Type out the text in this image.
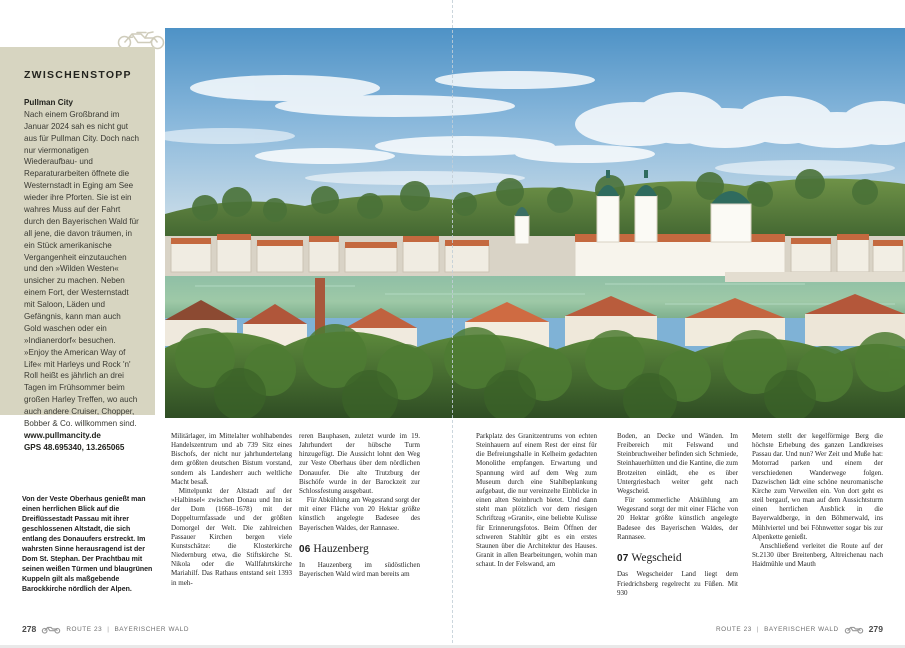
ZWISCHENSTOPP
Pullman City
Nach einem Großbrand im Januar 2024 sah es nicht gut aus für Pullman City. Doch nach nur viermonatigen Wiederaufbau- und Reparaturarbeiten öffnete die Westernstadt in Eging am See wieder ihre Pforten. Sie ist ein wahres Muss auf der Fahrt durch den Bayerischen Wald für all jene, die davon träumen, in ein Stück amerikanische Vergangenheit einzutauchen und den »Wilden Westen« unsicher zu machen. Neben einem Fort, der Westernstadt mit Saloon, Läden und Gefängnis, kann man auch Gold waschen oder ein »Indianerdorf« besuchen. »Enjoy the American Way of Life« mit Harleys und Rock 'n' Roll heißt es jährlich an drei Tagen im Frühsommer beim großen Harley Treffen, wo auch auch andere Cruiser, Chopper, Bobber & Co. willkommen sind.
www.pullmancity.de
GPS 48.695340, 13.265065

Von der Veste Oberhaus genießt man einen herrlichen Blick auf die Dreiflüssestadt Passau mit ihrer geschlossenen Altstadt, die sich entlang des Donauufers erstreckt. Im wahrsten Sinne herausragend ist der Dom St. Stephan. Der Prachtbau mit seinen weißen Türmen und blaugrünen Kuppeln gilt als maßgebende Barockkirche nördlich der Alpen.

Militärlager, im Mittelalter wohlhabendes Handelszentrum und ab 739 Sitz eines Bischofs, der nicht nur jahrhundertelang dem größten deutschen Bistum vorstand, sondern als Landesherr auch weltliche Macht besaß.

Mittelpunkt der Altstadt auf der »Halbinsel« zwischen Donau und Inn ist der Dom (1668–1678) mit der Doppelturmfassade und der größten Domorgel der Welt. Die zahlreichen Passauer Kirchen bergen viele Kunstschätze: die Klosterkirche Niedernburg etwa, die Stiftskirche St. Nikola oder die Wallfahrtskirche Mariahilf. Das Rathaus entstand seit 1393 in meh-

reren Bauphasen, zuletzt wurde im 19. Jahrhundert der hübsche Turm hinzugefügt. Die Aussicht lohnt den Weg zur Veste Oberhaus über dem nördlichen Donauufer. Die alte Trutzburg der Bischöfe wurde in der Barockzeit zur Schlossfestung ausgebaut.

Für Abkühlung am Wegesrand sorgt der mit einer Fläche von 20 Hektar größte künstlich angelegte Badesee des Bayerischen Waldes, der Rannasee.

06 Hauzenberg

In Hauzenberg im südöstlichen Bayerischen Wald wird man bereits am

Parkplatz des Granitzentrums von echten Steinhauern auf einem Rest der einst für die Befreiungshalle in Kelheim gedachten Monolithe empfangen. Erwartung und Spannung wird auf dem Weg zum Museum durch eine Stahlbeplankung aufgebaut, die nur vereinzelte Einblicke in einen alten Steinbruch bietet. Und dann steht man plötzlich vor dem riesigen Schriftzug »Granit«, eine beliebte Kulisse für Erinnerungsfotos. Beim Öffnen der schweren Stahltür gibt es ein erstes Staunen über die Architektur des Hauses. Granit in allen Bearbeitungen, wohin man schaut. In der Felswand, am

Boden, an Decke und Wänden. Im Freibereich mit Felswand und Steinbruchweiher befinden sich Schmiede, Steinhauerhütten und die Kantine, die zum Brotzeiten einlädt, ehe es über Untergriesbach weiter geht nach Wegscheid.

Für sommerliche Abkühlung am Wegesrand sorgt der mit einer Fläche von 20 Hektar größte künstlich angelegte Badesee des Bayerischen Waldes, der Rannasee.

07 Wegscheid

Das Wegscheider Land liegt dem Friedrichsberg regelrecht zu Füßen. Mit 930

Metern stellt der kegelförmige Berg die höchste Erhebung des ganzen Landkreises Passau dar. Und nun? Wer Zeit und Muße hat: Motorrad parken und einem der verschiedenen Wanderwege folgen. Dazwischen lädt eine schöne neuromanische Kirche zum Verweilen ein. Von dort geht es steil bergauf, wo man auf dem Aussichtsturm einen herrlichen Ausblick in die Bayerwaldberge, in den Böhmerwald, ins Mühlviertel und bei Föhnwetter sogar bis zur Alpenkette genießt.

Anschließend verleitet die Route auf der St.2130 über Breitenberg, Altreichenau nach Haidmühle und Mauth

278	ROUTE 23 | BAYERISCHER WALD	ROUTE 23 | BAYERISCHER WALD	279
